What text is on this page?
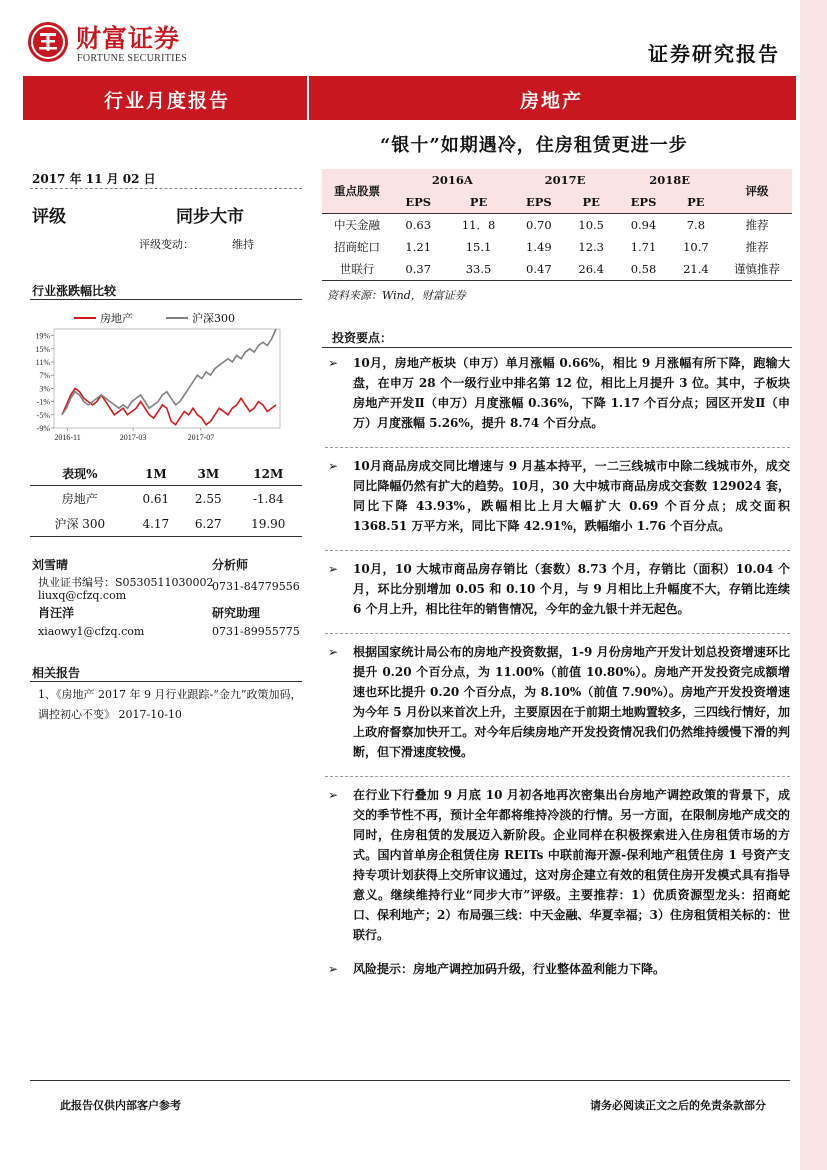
财富证券
FORTUNE SECURITIES	证券研究报告
行业月度报告	房地产
“银十”如期遇冷，住房租赁更进一步
2017 年 11 月 02 日
评级	同步大市
评级变动：	维持
行业涨跌幅比较
19%
15%
11%
7%
3%
-1%
-5%
-9%
2016-11	2017-03	2017-07
房地产	沪深300
表现%	1M	3M	12M
房地产	0.61	2.55	-1.84
沪深 300	4.17	6.27	19.90
刘雪晴	分析师
执业证书编号：S0530511030002
0731-84779556
liuxq@cfzq.com
肖汪洋	研究助理
xiaowy1@cfzq.com	0731-89955775
相关报告
1、《房地产 2017 年 9 月行业跟踪-“金九”政策加码，调控初心不变》 2017-10-10
重点股票	2016A		2017E		2018E		评级
	EPS	PE	EPS	PE	EPS	PE	
中天金融	0.63	11．8	0.70	10.5	0.94	7.8	推荐
招商蛇口	1.21	15.1	1.49	12.3	1.71	10.7	推荐
世联行	0.37	33.5	0.47	26.4	0.58	21.4	谨慎推荐
资料来源：Wind，财富证券
投资要点：
➢ 10月，房地产板块（申万）单月涨幅 0.66%，相比 9 月涨幅有所下降，跑输大盘，在申万 28 个一级行业中排名第 12 位，相比上月提升 3 位。其中，子板块房地产开发Ⅱ（申万）月度涨幅 0.36%，下降 1.17 个百分点；园区开发Ⅱ（申万）月度涨幅 5.26%，提升 8.74 个百分点。
➢ 10月商品房成交同比增速与 9 月基本持平，一二三线城市中除二线城市外，成交同比降幅仍然有扩大的趋势。10月，30 大中城市商品房成交套数 129024 套，同比下降 43.93%，跌幅相比上月大幅扩大 0.69 个百分点；成交面积 1368.51 万平方米，同比下降 42.91%，跌幅缩小 1.76 个百分点。
➢ 10月，10 大城市商品房存销比（套数）8.73 个月，存销比（面积）10.04 个月，环比分别增加 0.05 和 0.10 个月，与 9 月相比上升幅度不大，存销比连续 6 个月上升，相比往年的销售情况，今年的金九银十并无起色。
➢ 根据国家统计局公布的房地产投资数据，1-9 月份房地产开发计划总投资增速环比提升 0.20 个百分点，为 11.00%（前值 10.80%）。房地产开发投资完成额增速也环比提升 0.20 个百分点，为 8.10%（前值 7.90%）。房地产开发投资增速为今年 5 月份以来首次上升，主要原因在于前期土地购置较多，三四线行情好，加上政府督察加快开工。对今年后续房地产开发投资情况我们仍然维持缓慢下滑的判断，但下滑速度较慢。
➢ 在行业下行叠加 9 月底 10 月初各地再次密集出台房地产调控政策的背景下，成交的季节性不再，预计全年都将维持冷淡的行情。另一方面，在限制房地产成交的同时，住房租赁的发展迈入新阶段。企业同样在积极探索进入住房租赁市场的方式。国内首单房企租赁住房 REITs 中联前海开源-保利地产租赁住房 1 号资产支持专项计划获得上交所审议通过，这对房企建立有效的租赁住房开发模式具有指导意义。继续维持行业“同步大市”评级。主要推荐：1）优质资源型龙头：招商蛇口、保利地产；2）布局强三线：中天金融、华夏幸福；3）住房租赁相关标的：世联行。
➢ 风险提示：房地产调控加码升级，行业整体盈利能力下降。
此报告仅供内部客户参考	请务必阅读正文之后的免责条款部分
